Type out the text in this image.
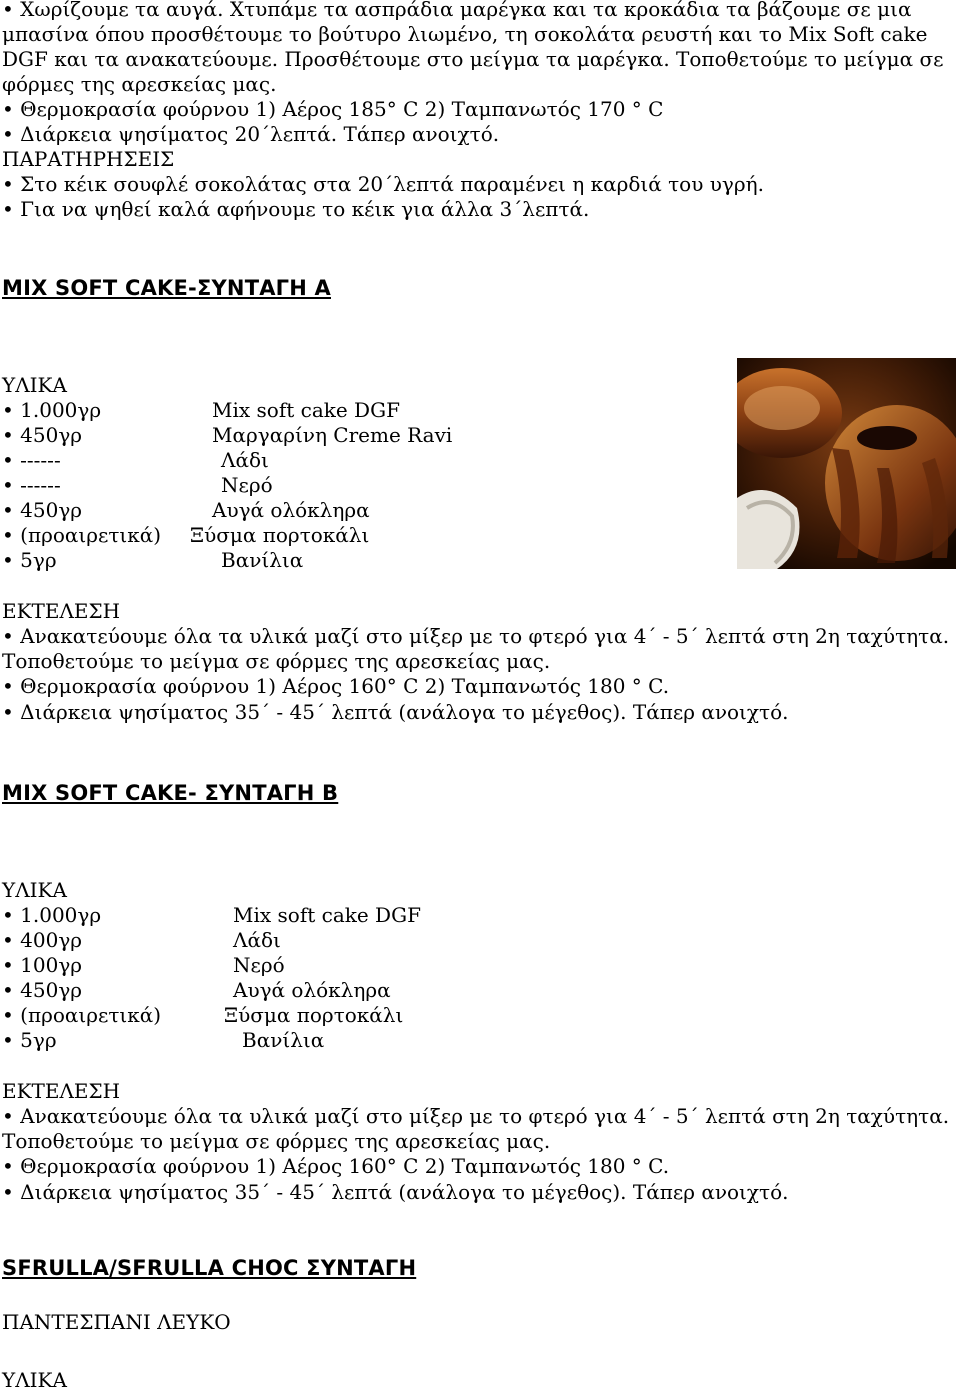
• Χωρίζουμε τα αυγά. Χτυπάμε τα ασπράδια μαρέγκα και τα κροκάδια τα βάζουμε σε μια
μπασίνα όπου προσθέτουμε το βούτυρο λιωμένο, τη σοκολάτα ρευστή και το Mix Soft cake
DGF και τα ανακατεύουμε. Προσθέτουμε στο μείγμα τα μαρέγκα. Τοποθετούμε το μείγμα σε
φόρμες της αρεσκείας μας.
• Θερμοκρασία φούρνου 1) Αέρος 185° C 2) Ταμπανωτός 170 ° C
• Διάρκεια ψησίματος 20΄λεπτά. Τάπερ ανοιχτό.
ΠΑΡΑΤΗΡΗΣΕΙΣ
• Στο κέικ σουφλέ σοκολάτας στα 20΄λεπτά παραμένει η καρδιά του υγρή.
• Για να ψηθεί καλά αφήνουμε το κέικ για άλλα 3΄λεπτά.
MIX SOFT CAKE-ΣΥΝΤΑΓΗ Α
ΥΛΙΚΑ
• 1.000γρ	Mix soft cake DGF
• 450γρ	Μαργαρίνη Creme Ravi
• ------	Λάδι
• ------	Νερό
• 450γρ	Αυγά ολόκληρα
• (προαιρετικά) Ξύσμα πορτοκάλι
• 5γρ	Βανίλια
ΕΚΤΕΛΕΣΗ
• Ανακατεύουμε όλα τα υλικά μαζί στο μίξερ με το φτερό για 4΄ - 5΄ λεπτά στη 2η ταχύτητα.
Τοποθετούμε το μείγμα σε φόρμες της αρεσκείας μας.
• Θερμοκρασία φούρνου 1) Αέρος 160° C 2) Ταμπανωτός 180 ° C.
• Διάρκεια ψησίματος 35΄ - 45΄ λεπτά (ανάλογα το μέγεθος). Τάπερ ανοιχτό.
MIX SOFT CAKE- ΣΥΝΤΑΓΗ Β
ΥΛΙΚΑ
• 1.000γρ	Mix soft cake DGF
• 400γρ	Λάδι
• 100γρ	Νερό
• 450γρ	Αυγά ολόκληρα
• (προαιρετικά)	Ξύσμα πορτοκάλι
• 5γρ	Βανίλια
ΕΚΤΕΛΕΣΗ
• Ανακατεύουμε όλα τα υλικά μαζί στο μίξερ με το φτερό για 4΄ - 5΄ λεπτά στη 2η ταχύτητα.
Τοποθετούμε το μείγμα σε φόρμες της αρεσκείας μας.
• Θερμοκρασία φούρνου 1) Αέρος 160° C 2) Ταμπανωτός 180 ° C.
• Διάρκεια ψησίματος 35΄ - 45΄ λεπτά (ανάλογα το μέγεθος). Τάπερ ανοιχτό.
SFRULLA/SFRULLA CHOC ΣΥΝΤΑΓΗ
ΠΑΝΤΕΣΠΑΝΙ ΛΕΥΚΟ
ΥΛΙΚΑ
